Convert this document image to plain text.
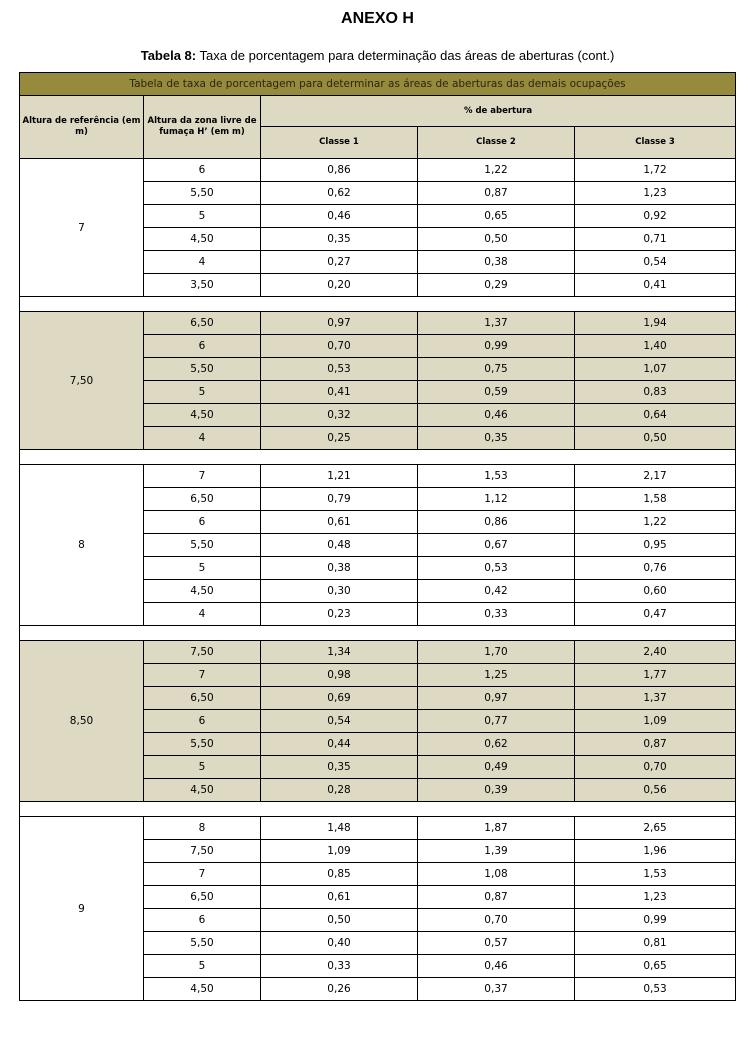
ANEXO H
Tabela 8: Taxa de porcentagem para determinação das áreas de aberturas (cont.)
Tabela de taxa de porcentagem para determinar as áreas de aberturas das demais ocupações				
Altura de referência (em m)	Altura da zona livre de fumaça H’ (em m)	% de abertura		
		Classe 1	Classe 2	Classe 3
7	6	0,86	1,22	1,72
	5,50	0,62	0,87	1,23
	5	0,46	0,65	0,92
	4,50	0,35	0,50	0,71
	4	0,27	0,38	0,54
	3,50	0,20	0,29	0,41

7,50	6,50	0,97	1,37	1,94
	6	0,70	0,99	1,40
	5,50	0,53	0,75	1,07
	5	0,41	0,59	0,83
	4,50	0,32	0,46	0,64
	4	0,25	0,35	0,50

8	7	1,21	1,53	2,17
	6,50	0,79	1,12	1,58
	6	0,61	0,86	1,22
	5,50	0,48	0,67	0,95
	5	0,38	0,53	0,76
	4,50	0,30	0,42	0,60
	4	0,23	0,33	0,47

8,50	7,50	1,34	1,70	2,40
	7	0,98	1,25	1,77
	6,50	0,69	0,97	1,37
	6	0,54	0,77	1,09
	5,50	0,44	0,62	0,87
	5	0,35	0,49	0,70
	4,50	0,28	0,39	0,56

9	8	1,48	1,87	2,65
	7,50	1,09	1,39	1,96
	7	0,85	1,08	1,53
	6,50	0,61	0,87	1,23
	6	0,50	0,70	0,99
	5,50	0,40	0,57	0,81
	5	0,33	0,46	0,65
	4,50	0,26	0,37	0,53
